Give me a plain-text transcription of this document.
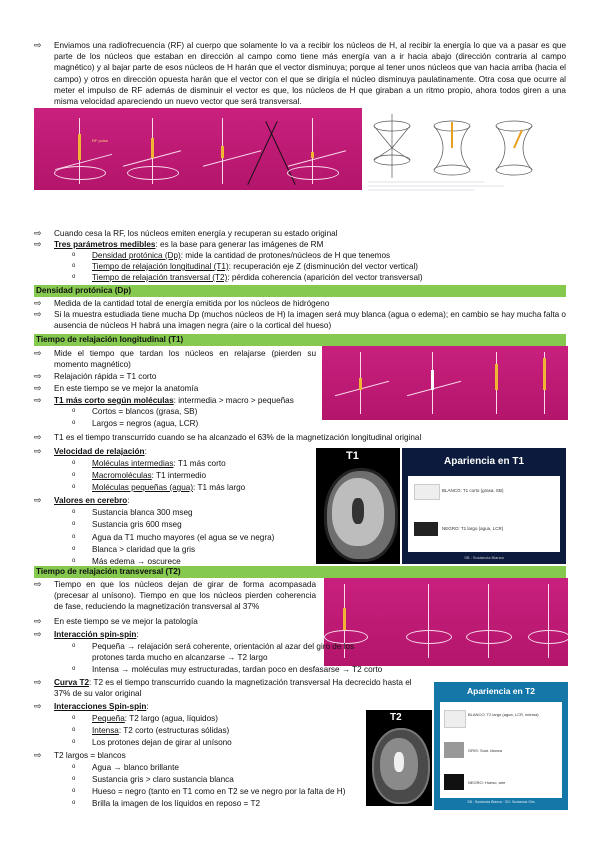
⇨ Enviamos una radiofrecuencia (RF) al cuerpo que solamente lo va a recibir los núcleos de H, al recibir la energía lo que va a pasar es que parte de los núcleos que estaban en dirección al campo como tiene más energía van a ir hacia abajo (dirección contraria al campo magnético) y al bajar parte de esos núcleos de H harán que el vector disminuya; porque al tener unos núcleos que van hacia arriba (hacia el campo) y otros en dirección opuesta harán que el vector con el que se dirigía el núcleo disminuya paulatinamente. Otra cosa que ocurre al meter el impulso de RF además de disminuir el vector es que, los núcleos de H que giraban a un ritmo propio, ahora todos giren a una misma velocidad apareciendo un nuevo vector que será transversal.

RF pulse
⇨ Cuando cesa la RF, los núcleos emiten energía y recuperan su estado original

⇨ Tres parámetros medibles: es la base para generar las imágenes de RM

o Densidad protónica (Dp): mide la cantidad de protones/núcleos de H que tenemos

o Tiempo de relajación longitudinal (T1): recuperación eje Z (disminución del vector vertical)

o Tiempo de relajación transversal (T2): pérdida coherencia (aparición del vector transversal)

Densidad protónica (Dp)
⇨ Medida de la cantidad total de energía emitida por los núcleos de hidrógeno

⇨ Si la muestra estudiada tiene mucha Dp (muchos núcleos de H) la imagen será muy blanca (agua o edema); en cambio se hay mucha falta o ausencia de núcleos H habrá una imagen negra (aire o la cortical del hueso)

Tiempo de relajación longitudinal (T1)
⇨ Mide el tiempo que tardan los núcleos en relajarse (pierden su momento magnético)

⇨ Relajación rápida = T1 corto

⇨ En este tiempo se ve mejor la anatomía

⇨ T1 más corto según moléculas: intermedia > macro > pequeñas

o Cortos = blancos (grasa, SB)

o Largos = negros (agua, LCR)

⇨ T1 es el tiempo transcurrido cuando se ha alcanzado el 63% de la magnetización longitudinal original

⇨ Velocidad de relajación:

o Moléculas intermedias: T1 más corto

o Macromoléculas: T1 intermedio

o Moléculas pequeñas (agua): T1 más largo

⇨ Valores en cerebro:

o Sustancia blanca 300 mseg

o Sustancia gris 600 mseg

o Agua da T1 mucho mayores (el agua se ve negra)

o Blanca > claridad que la gris

o Más edema → oscurece

T1	Apariencia en T1
BLANCO: T1 corto (grasa, SB)
NEGRO: T1 largo (agua, LCR)
SB : Sustancia Blanca
Tiempo de relajación transversal (T2)
⇨ Tiempo en que los núcleos dejan de girar de forma acompasada (precesar al unísono). Tiempo en que los núcleos pierden coherencia de fase, reduciendo la magnetización transversal al 37%

⇨ En este tiempo se ve mejor la patología

⇨ Interacción spin-spin:

o Pequeña → relajación será coherente, orientación al azar del giro de los protones tarda mucho en alcanzarse → T2 largo

o Intensa → moléculas muy estructuradas, tardan poco en desfasarse → T2 corto

⇨ Curva T2: T2 es el tiempo transcurrido cuando la magnetización transversal Ha decrecido hasta el 37% de su valor original

⇨ Interacciones Spin-spin:

o Pequeña: T2 largo (agua, líquidos)

o Intensa: T2 corto (estructuras sólidas)

o Los protones dejan de girar al unísono

⇨ T2 largos = blancos

o Agua → blanco brillante

o Sustancia gris > claro sustancia blanca

o Hueso = negro (tanto en T1 como en T2 se ve negro por la falta de H)

o Brilla la imagen de los líquidos en reposo = T2

T2
Apariencia en T2
BLANCO: T2 largo (agua, LCR, edema)
GRIS: Sust. blanca
NEGRO: Hueso, aire
SB : Sustancia Blanca · SG: Sustancia Gris
